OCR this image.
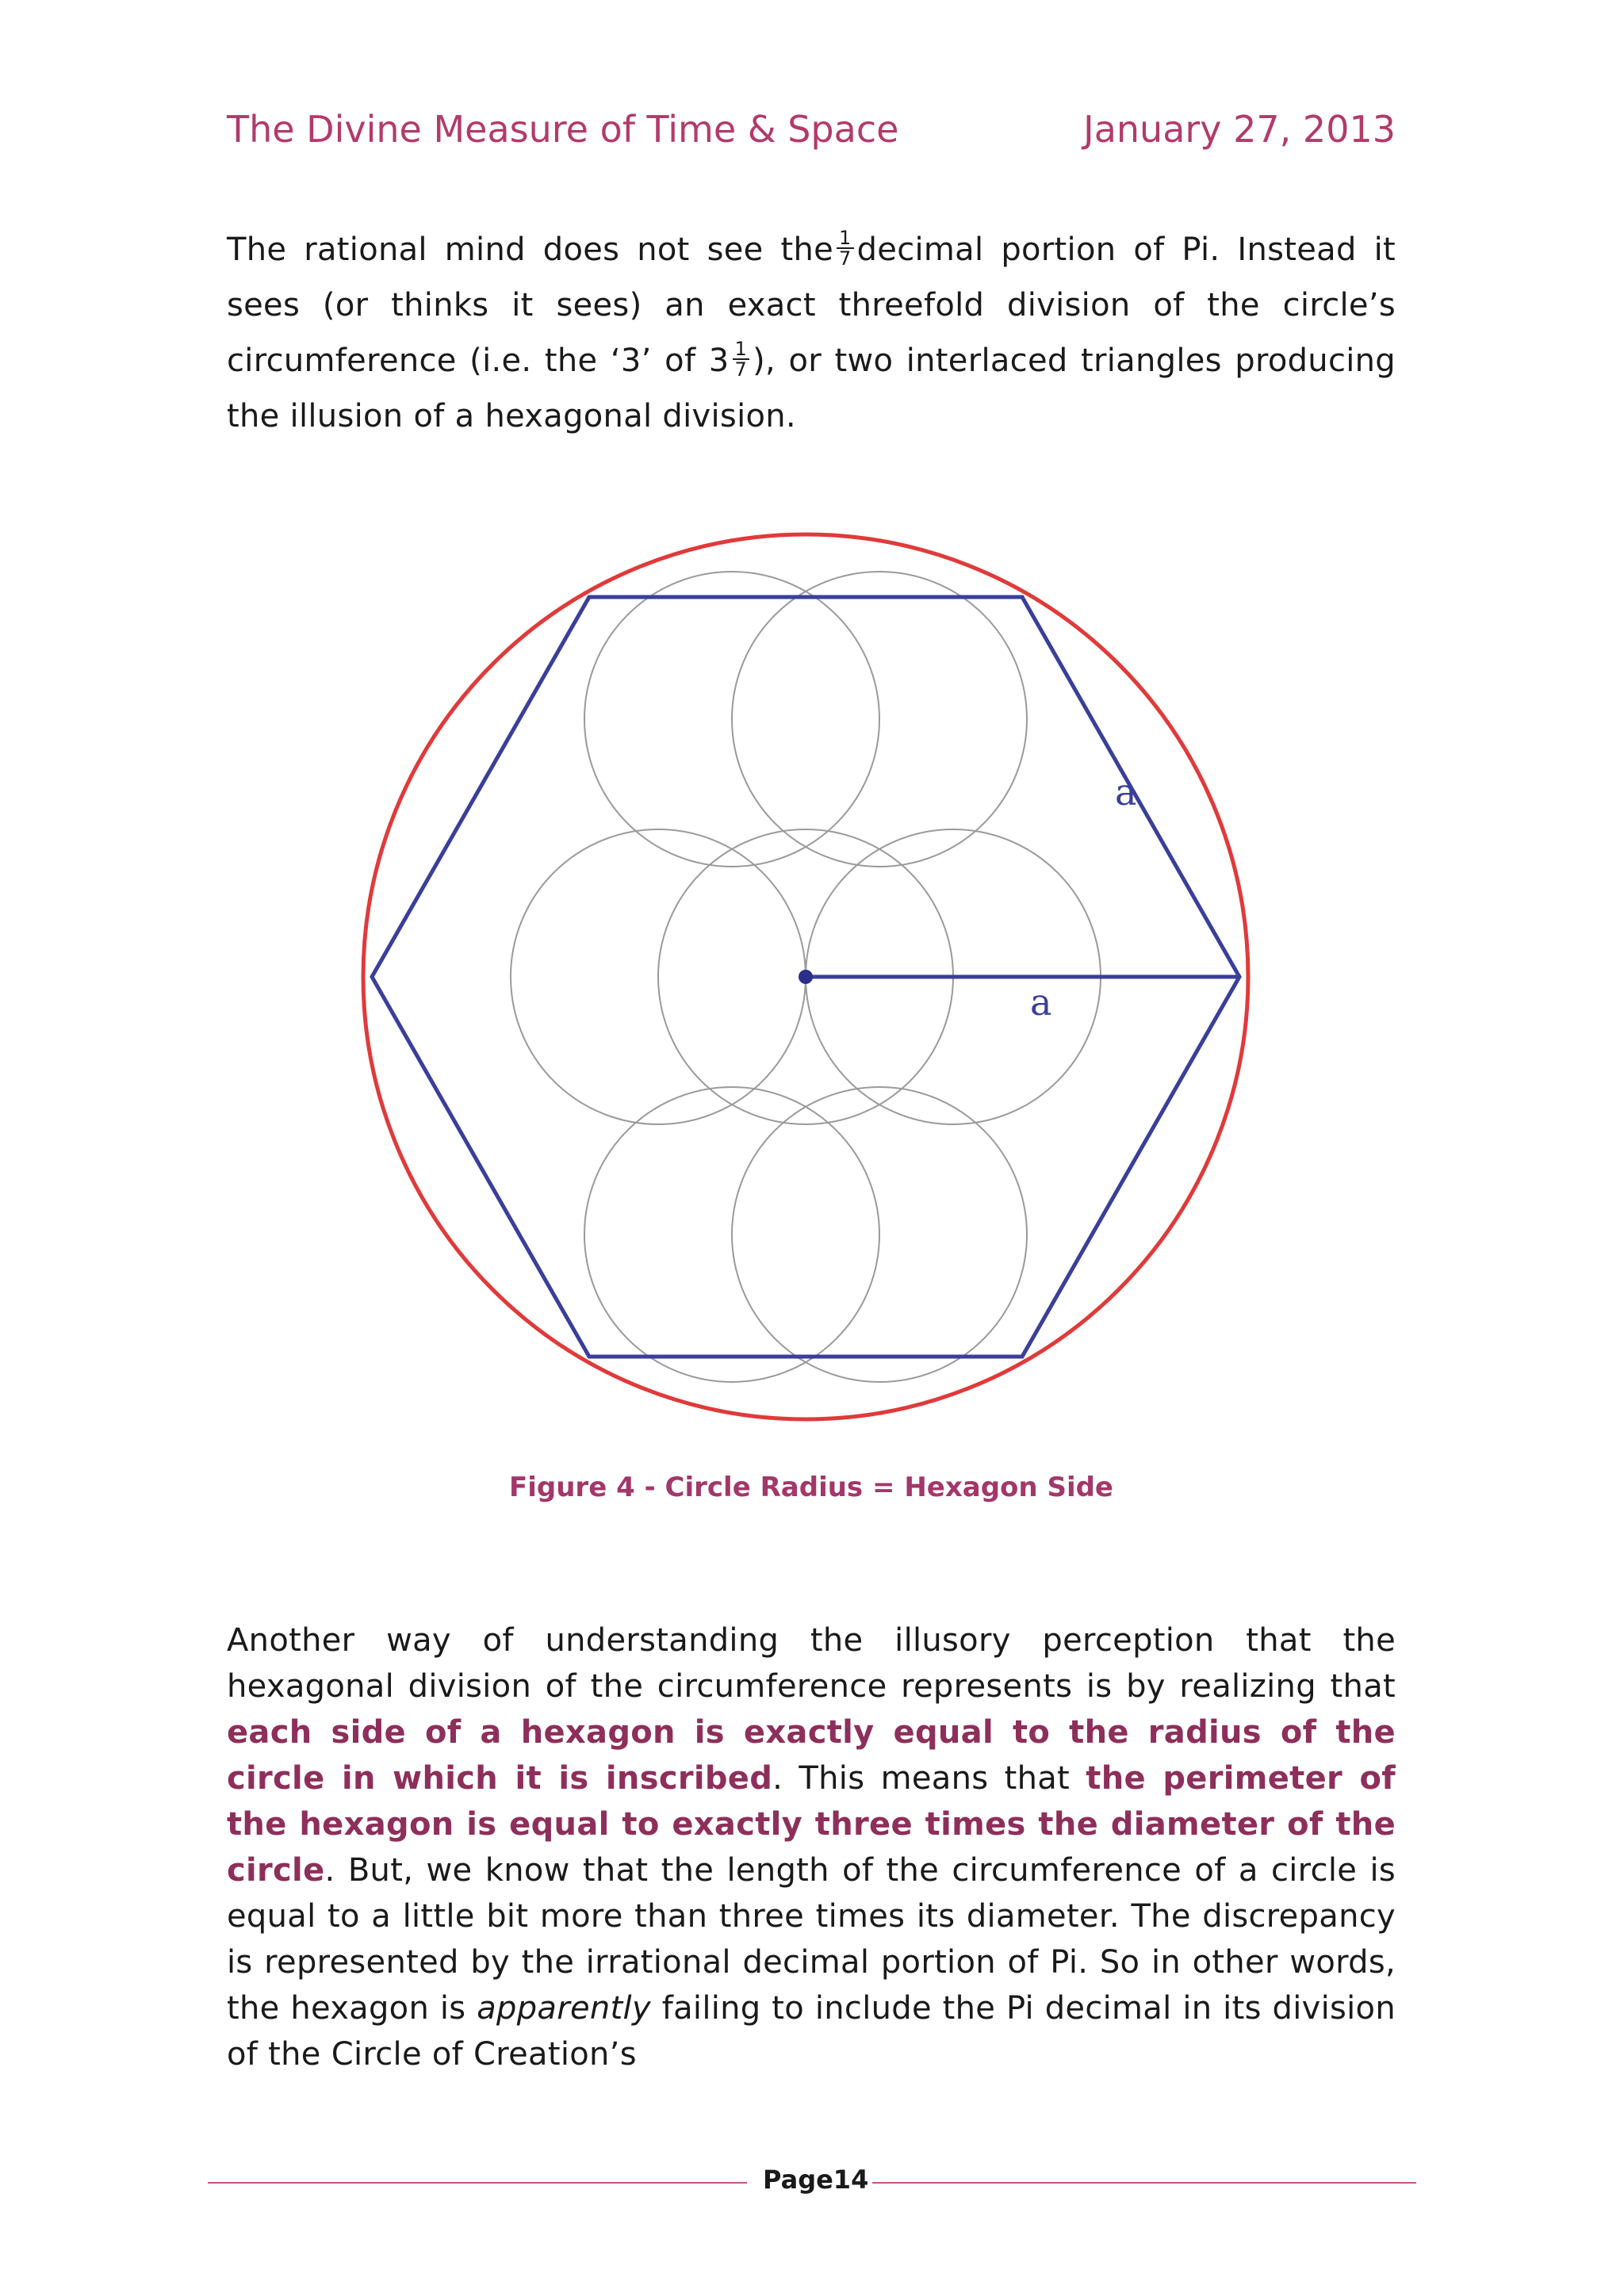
The Divine Measure of Time & Space	January 27, 2013
The rational mind does not see the $\frac{1}{7}$ decimal portion of Pi. Instead it sees (or thinks it sees) an exact threefold division of the circle’s circumference (i.e. the ‘3’ of $3 \frac{1}{7}$ ), or two interlaced triangles producing the illusion of a hexagonal division.
a
a
Figure 4 - Circle Radius = Hexagon Side
Another way of understanding the illusory perception that the hexagonal division of the circumference represents is by realizing that each side of a hexagon is exactly equal to the radius of the circle in which it is inscribed. This means that the perimeter of the hexagon is equal to exactly three times the diameter of the circle. But, we know that the length of the circumference of a circle is equal to a little bit more than three times its diameter. The discrepancy is represented by the irrational decimal portion of Pi. So in other words, the hexagon is apparently failing to include the Pi decimal in its division of the Circle of Creation’s
Page14
